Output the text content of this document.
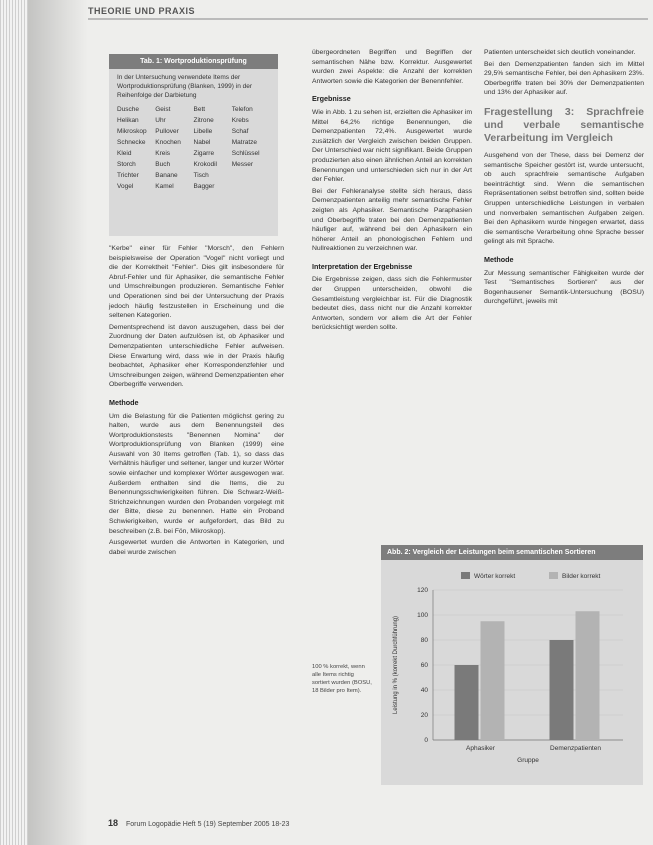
THEORIE UND PRAXIS
Tab. 1: Wortproduktionsprüfung
In der Untersuchung verwendete Items der Wortproduktionsprüfung (Blanken, 1999) in der Reihenfolge der Darbietung
Dusche	Geist	Bett	Telefon
Helikan	Uhr	Zitrone	Krebs
Mikroskop	Pullover	Libelle	Schaf
Schnecke	Knochen	Nabel	Matratze
Kleid	Kreis	Zigarre	Schlüssel
Storch	Buch	Krokodil	Messer
Trichter	Banane	Tisch
Vogel	Kamel	Bagger

"Kerbe" einer für Fehler "Morsch", den Fehlern beispielsweise der Operation "Vogel" nicht vorliegt und die der Korrektheit "Fehler". Dies gilt insbesondere für Abruf-Fehler und für Aphasiker, die semantische Fehler und Umschreibungen produzieren. Semantische Fehler und Operationen sind bei der Untersuchung der Praxis jedoch häufig festzustellen in Erscheinung und die seltenen Kategorien.

Dementsprechend ist davon auszugehen, dass bei der Zuordnung der Daten aufzulösen ist, ob Aphasiker und Demenzpatienten unterschiedliche Fehler aufweisen. Diese Erwartung wird, dass wie in der Praxis häufig beobachtet, Aphasiker eher Korrespondenzfehler und Umschreibungen zeigen, während Demenzpatienten eher Oberbegriffe verwenden.

Methode

Um die Belastung für die Patienten möglichst gering zu halten, wurde aus dem Benennungsteil des Wortproduktionstests "Benennen Nomina" der Wortproduktionsprüfung von Blanken (1999) eine Auswahl von 30 Items getroffen (Tab. 1), so dass das Verhältnis häufiger und seltener, langer und kurzer Wörter sowie einfacher und komplexer Wörter ausgewogen war. Außerdem enthalten sind die Items, die zu Benennungsschwierigkeiten führen. Die Schwarz-Weiß-Strichzeichnungen wurden den Probanden vorgelegt mit der Bitte, diese zu benennen. Hatte ein Proband Schwierigkeiten, wurde er aufgefordert, das Bild zu beschreiben (z.B. bei Fön, Mikroskop).

Ausgewertet wurden die Antworten in Kategorien, und dabei wurde zwischen

übergeordneten Begriffen und Begriffen der semantischen Nähe bzw. Korrektur. Ausgewertet wurden zwei Aspekte: die Anzahl der korrekten Antworten sowie die Kategorien der Benennfehler.

Ergebnisse

Wie in Abb. 1 zu sehen ist, erzielten die Aphasiker im Mittel 64,2% richtige Benennungen, die Demenzpatienten 72,4%. Ausgewertet wurde zusätzlich der Vergleich zwischen beiden Gruppen. Der Unterschied war nicht signifikant. Beide Gruppen produzierten also einen ähnlichen Anteil an korrekten Benennungen und unterschieden sich nur in der Art der Fehler.

Bei der Fehleranalyse stellte sich heraus, dass Demenzpatienten anteilig mehr semantische Fehler zeigten als Aphasiker. Semantische Paraphasien und Oberbegriffe traten bei den Demenzpatienten häufiger auf, während bei den Aphasikern ein höherer Anteil an phonologischen Fehlern und Nullreaktionen zu verzeichnen war.

Interpretation der Ergebnisse

Die Ergebnisse zeigen, dass sich die Fehlermuster der Gruppen unterscheiden, obwohl die Gesamtleistung vergleichbar ist. Für die Diagnostik bedeutet dies, dass nicht nur die Anzahl korrekter Antworten, sondern vor allem die Art der Fehler berücksichtigt werden sollte.

Patienten unterscheidet sich deutlich voneinander.

Bei den Demenzpatienten fanden sich im Mittel 29,5% semantische Fehler, bei den Aphasikern 23%. Oberbegriffe traten bei 30% der Demenzpatienten und 13% der Aphasiker auf.

Fragestellung 3: Sprachfreie und verbale semantische Verarbeitung im Vergleich

Ausgehend von der These, dass bei Demenz der semantische Speicher gestört ist, wurde untersucht, ob auch sprachfreie semantische Aufgaben beeinträchtigt sind. Wenn die semantischen Repräsentationen selbst betroffen sind, sollten beide Gruppen unterschiedliche Leistungen in verbalen und nonverbalen semantischen Aufgaben zeigen. Bei den Aphasikern wurde hingegen erwartet, dass die semantische Verarbeitung ohne Sprache besser gelingt als mit Sprache.

Methode

Zur Messung semantischer Fähigkeiten wurde der Test "Semantisches Sortieren" aus der Bogenhausener Semantik-Untersuchung (BOSU) durchgeführt, jeweils mit

Abb. 2: Vergleich der Leistungen beim semantischen Sortieren
Wörter korrekt	Bilder korrekt
0
20
40
60
80
100
120
Aphasiker	Demenzpatienten
Gruppe
Leistung in % (korrekt Durchführung)
100 % korrekt, wenn alle Items richtig sortiert wurden (BOSU, 18 Bilder pro Item).
18 Forum Logopädie Heft 5 (19) September 2005 18-23
